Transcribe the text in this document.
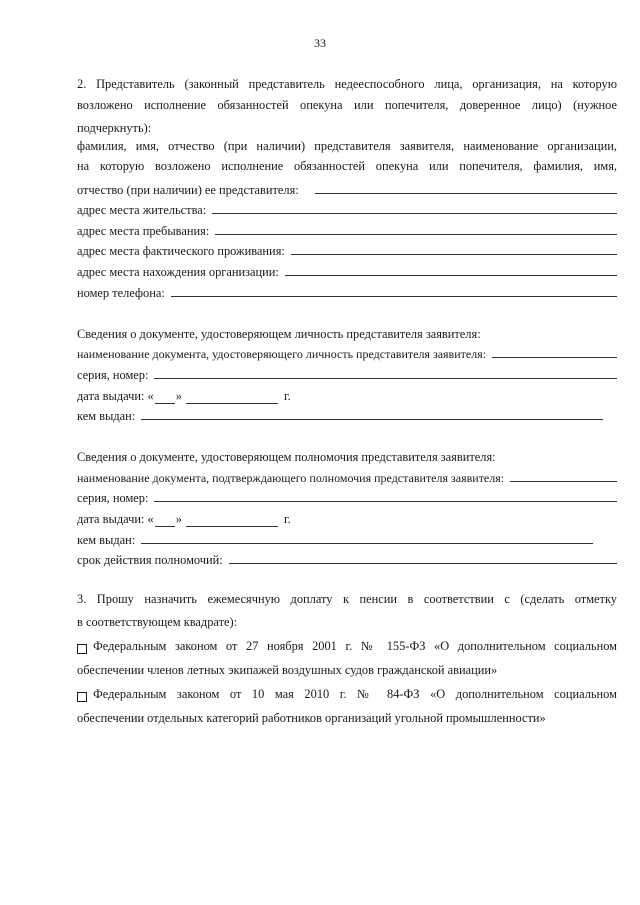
33
2. Представитель (законный представитель недееспособного лица, организация, на которую
возложено исполнение обязанностей опекуна или попечителя, доверенное лицо) (нужное
подчеркнуть):
фамилия, имя, отчество (при наличии) представителя заявителя, наименование организации,
на которую возложено исполнение обязанностей опекуна или попечителя, фамилия, имя,
отчество (при наличии) ее представителя:
адрес места жительства:
адрес места пребывания:
адрес места фактического проживания:
адрес места нахождения организации:
номер телефона:
Сведения о документе, удостоверяющем личность представителя заявителя:
наименование документа, удостоверяющего личность представителя заявителя:
серия, номер:
дата выдачи: « »	г.
кем выдан:
Сведения о документе, удостоверяющем полномочия представителя заявителя:
наименование документа, подтверждающего полномочия представителя заявителя:
серия, номер:
дата выдачи: « »	г.
кем выдан:
срок действия полномочий:
3. Прошу назначить ежемесячную доплату к пенсии в соответствии с (сделать отметку
в соответствующем квадрате):
Федеральным законом от 27 ноября 2001 г. № 155-ФЗ «О дополнительном социальном
обеспечении членов летных экипажей воздушных судов гражданской авиации»
Федеральным законом от 10 мая 2010 г. № 84-ФЗ «О дополнительном социальном
обеспечении отдельных категорий работников организаций угольной промышленности»
